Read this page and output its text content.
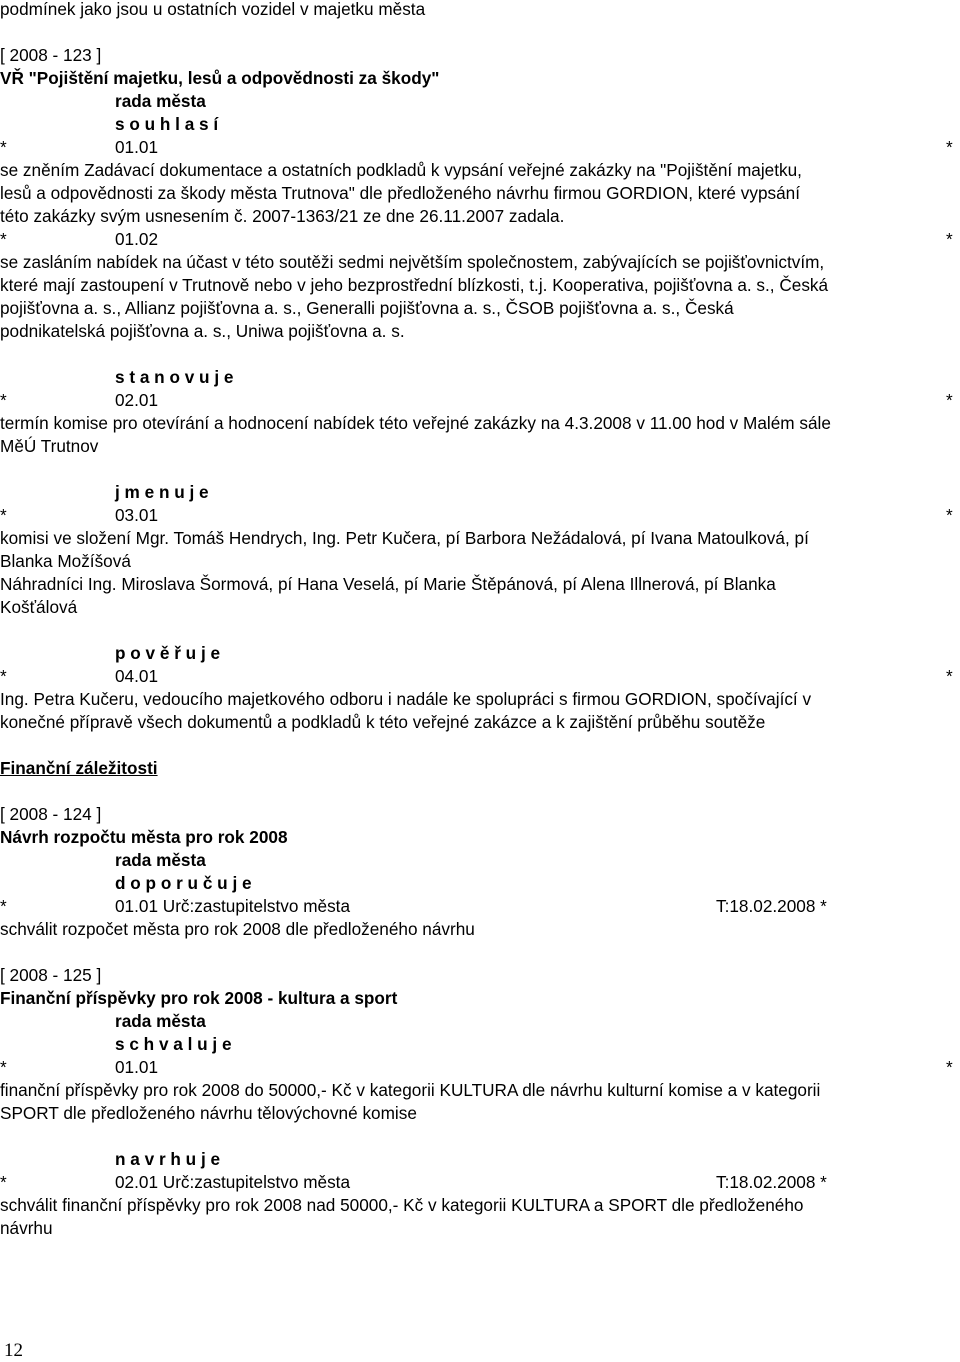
podmínek jako jsou u ostatních vozidel v majetku města
[ 2008 - 123 ]
VŘ "Pojištění majetku, lesů a odpovědnosti za škody"
rada města
s o u h l a s í
*	01.01	*
se zněním Zadávací dokumentace a ostatních podkladů k vypsání veřejné zakázky na "Pojištění majetku,
lesů a odpovědnosti za škody města Trutnova" dle předloženého návrhu firmou GORDION, které vypsání
této zakázky svým usnesením č. 2007-1363/21 ze dne 26.11.2007 zadala.
*	01.02	*
se zasláním nabídek na účast v této soutěži sedmi největším společnostem, zabývajících se pojišťovnictvím,
které mají zastoupení v Trutnově nebo v jeho bezprostřední blízkosti, t.j. Kooperativa, pojišťovna a. s., Česká
pojišťovna a. s., Allianz pojišťovna a. s., Generalli pojišťovna a. s., ČSOB pojišťovna a. s., Česká
podnikatelská pojišťovna a. s., Uniwa pojišťovna a. s.
s t a n o v u j e
*	02.01	*
termín komise pro otevírání a hodnocení nabídek této veřejné zakázky na 4.3.2008 v 11.00 hod v Malém sále
MěÚ Trutnov
j m e n u j e
*	03.01	*
komisi ve složení Mgr. Tomáš Hendrych, Ing. Petr Kučera, pí Barbora Nežádalová, pí Ivana Matoulková, pí
Blanka Možíšová
Náhradníci Ing. Miroslava Šormová, pí Hana Veselá, pí Marie Štěpánová, pí Alena Illnerová, pí Blanka
Košťálová
p o v ě ř u j e
*	04.01	*
Ing. Petra Kučeru, vedoucího majetkového odboru i nadále ke spolupráci s firmou GORDION, spočívající v
konečné přípravě všech dokumentů a podkladů k této veřejné zakázce a k zajištění průběhu soutěže
Finanční záležitosti
[ 2008 - 124 ]
Návrh rozpočtu města pro rok 2008
rada města
d o p o r u č u j e
*	01.01 Urč:zastupitelstvo města	T:18.02.2008 *
schválit rozpočet města pro rok 2008 dle předloženého návrhu
[ 2008 - 125 ]
Finanční příspěvky pro rok 2008 - kultura a sport
rada města
s c h v a l u j e
*	01.01	*
finanční příspěvky pro rok 2008 do 50000,- Kč v kategorii KULTURA dle návrhu kulturní komise a v kategorii
SPORT dle předloženého návrhu tělovýchovné komise
n a v r h u j e
*	02.01 Urč:zastupitelstvo města	T:18.02.2008 *
schválit finanční příspěvky pro rok 2008 nad 50000,- Kč v kategorii KULTURA a SPORT dle předloženého
návrhu
12
